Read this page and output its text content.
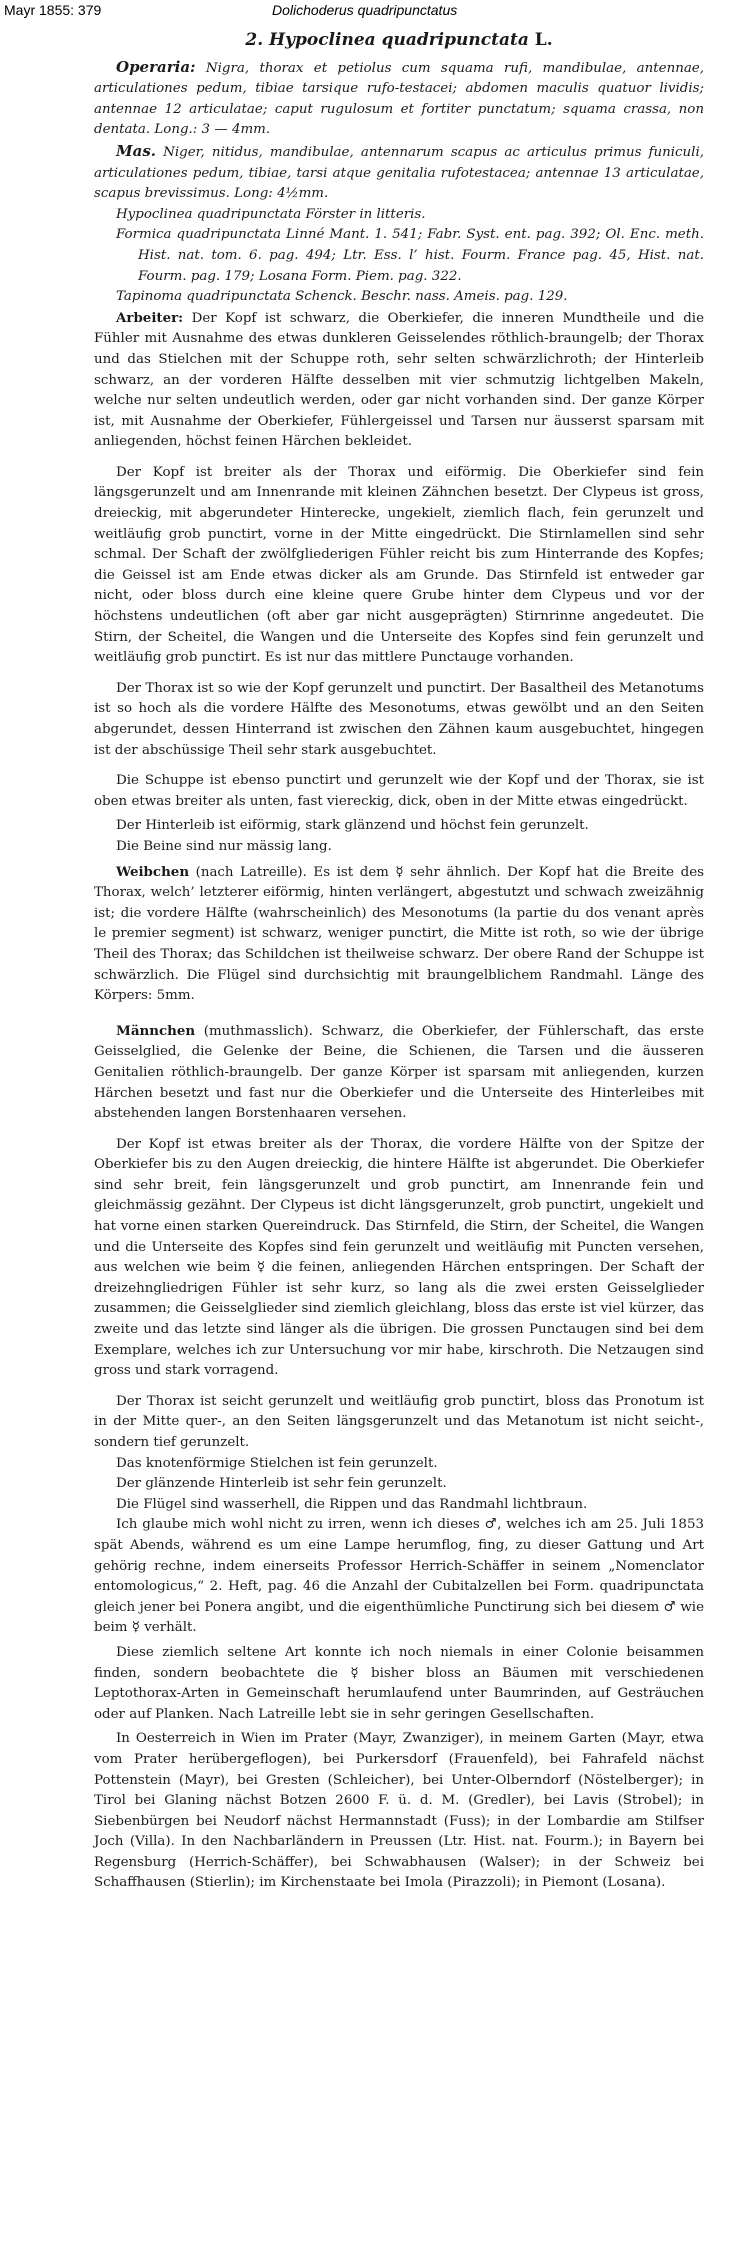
Mayr 1855: 379	Dolichoderus quadripunctatus
2. Hypoclinea quadripunctata L.

Operaria: Nigra, thorax et petiolus cum squama rufi, mandibulae, antennae, articulationes pedum, tibiae tarsique rufo-testacei; abdomen maculis quatuor lividis; antennae 12 articulatae; caput rugulosum et fortiter punctatum; squama crassa, non dentata. Long.: 3 — 4mm.

Mas. Niger, nitidus, mandibulae, antennarum scapus ac articulus primus funiculi, articulationes pedum, tibiae, tarsi atque genitalia rufotestacea; antennae 13 articulatae, scapus brevissimus. Long: 4½mm.

Hypoclinea quadripunctata Förster in litteris.

Formica quadripunctata Linné Mant. 1. 541; Fabr. Syst. ent. pag. 392; Ol. Enc. meth. Hist. nat. tom. 6. pag. 494; Ltr. Ess. l’ hist. Fourm. France pag. 45, Hist. nat. Fourm. pag. 179; Losana Form. Piem. pag. 322.

Tapinoma quadripunctata Schenck. Beschr. nass. Ameis. pag. 129.

Arbeiter: Der Kopf ist schwarz, die Oberkiefer, die inneren Mundtheile und die Fühler mit Ausnahme des etwas dunkleren Geisselendes röthlich-braungelb; der Thorax und das Stielchen mit der Schuppe roth, sehr selten schwärzlichroth; der Hinterleib schwarz, an der vorderen Hälfte desselben mit vier schmutzig lichtgelben Makeln, welche nur selten undeutlich werden, oder gar nicht vorhanden sind. Der ganze Körper ist, mit Ausnahme der Oberkiefer, Fühlergeissel und Tarsen nur äusserst sparsam mit anliegenden, höchst feinen Härchen bekleidet.

Der Kopf ist breiter als der Thorax und eiförmig. Die Oberkiefer sind fein längsgerunzelt und am Innenrande mit kleinen Zähnchen besetzt. Der Clypeus ist gross, dreieckig, mit abgerundeter Hinterecke, ungekielt, ziemlich flach, fein gerunzelt und weitläufig grob punctirt, vorne in der Mitte eingedrückt. Die Stirnlamellen sind sehr schmal. Der Schaft der zwölfgliederigen Fühler reicht bis zum Hinterrande des Kopfes; die Geissel ist am Ende etwas dicker als am Grunde. Das Stirnfeld ist entweder gar nicht, oder bloss durch eine kleine quere Grube hinter dem Clypeus und vor der höchstens undeutlichen (oft aber gar nicht ausgeprägten) Stirnrinne angedeutet. Die Stirn, der Scheitel, die Wangen und die Unterseite des Kopfes sind fein gerunzelt und weitläufig grob punctirt. Es ist nur das mittlere Punctauge vorhanden.

Der Thorax ist so wie der Kopf gerunzelt und punctirt. Der Basaltheil des Metanotums ist so hoch als die vordere Hälfte des Mesonotums, etwas gewölbt und an den Seiten abgerundet, dessen Hinterrand ist zwischen den Zähnen kaum ausgebuchtet, hingegen ist der abschüssige Theil sehr stark ausgebuchtet.

Die Schuppe ist ebenso punctirt und gerunzelt wie der Kopf und der Thorax, sie ist oben etwas breiter als unten, fast viereckig, dick, oben in der Mitte etwas eingedrückt.

Der Hinterleib ist eiförmig, stark glänzend und höchst fein gerunzelt.

Die Beine sind nur mässig lang.

Weibchen (nach Latreille). Es ist dem ☿ sehr ähnlich. Der Kopf hat die Breite des Thorax, welch’ letzterer eiförmig, hinten verlängert, abgestutzt und schwach zweizähnig ist; die vordere Hälfte (wahrscheinlich) des Mesonotums (la partie du dos venant après le premier segment) ist schwarz, weniger punctirt, die Mitte ist roth, so wie der übrige Theil des Thorax; das Schildchen ist theilweise schwarz. Der obere Rand der Schuppe ist schwärzlich. Die Flügel sind durchsichtig mit braungelblichem Randmahl. Länge des Körpers: 5mm.

Männchen (muthmasslich). Schwarz, die Oberkiefer, der Fühlerschaft, das erste Geisselglied, die Gelenke der Beine, die Schienen, die Tarsen und die äusseren Genitalien röthlich-braungelb. Der ganze Körper ist sparsam mit anliegenden, kurzen Härchen besetzt und fast nur die Oberkiefer und die Unterseite des Hinterleibes mit abstehenden langen Borstenhaaren versehen.

Der Kopf ist etwas breiter als der Thorax, die vordere Hälfte von der Spitze der Oberkiefer bis zu den Augen dreieckig, die hintere Hälfte ist abgerundet. Die Oberkiefer sind sehr breit, fein längsgerunzelt und grob punctirt, am Innenrande fein und gleichmässig gezähnt. Der Clypeus ist dicht längsgerunzelt, grob punctirt, ungekielt und hat vorne einen starken Quereindruck. Das Stirnfeld, die Stirn, der Scheitel, die Wangen und die Unterseite des Kopfes sind fein gerunzelt und weitläufig mit Puncten versehen, aus welchen wie beim ☿ die feinen, anliegenden Härchen entspringen. Der Schaft der dreizehngliedrigen Fühler ist sehr kurz, so lang als die zwei ersten Geisselglieder zusammen; die Geisselglieder sind ziemlich gleichlang, bloss das erste ist viel kürzer, das zweite und das letzte sind länger als die übrigen. Die grossen Punctaugen sind bei dem Exemplare, welches ich zur Untersuchung vor mir habe, kirschroth. Die Netzaugen sind gross und stark vorragend.

Der Thorax ist seicht gerunzelt und weitläufig grob punctirt, bloss das Pronotum ist in der Mitte quer-, an den Seiten längsgerunzelt und das Metanotum ist nicht seicht-, sondern tief gerunzelt.

Das knotenförmige Stielchen ist fein gerunzelt.

Der glänzende Hinterleib ist sehr fein gerunzelt.

Die Flügel sind wasserhell, die Rippen und das Randmahl lichtbraun.

Ich glaube mich wohl nicht zu irren, wenn ich dieses ♂, welches ich am 25. Juli 1853 spät Abends, während es um eine Lampe herumflog, fing, zu dieser Gattung und Art gehörig rechne, indem einerseits Professor Herrich-Schäffer in seinem „Nomenclator entomologicus,“ 2. Heft, pag. 46 die Anzahl der Cubitalzellen bei Form. quadripunctata gleich jener bei Ponera angibt, und die eigenthümliche Punctirung sich bei diesem ♂ wie beim ☿ verhält.

Diese ziemlich seltene Art konnte ich noch niemals in einer Colonie beisammen finden, sondern beobachtete die ☿ bisher bloss an Bäumen mit verschiedenen Leptothorax-Arten in Gemeinschaft herumlaufend unter Baumrinden, auf Gesträuchen oder auf Planken. Nach Latreille lebt sie in sehr geringen Gesellschaften.

In Oesterreich in Wien im Prater (Mayr, Zwanziger), in meinem Garten (Mayr, etwa vom Prater herübergeflogen), bei Purkersdorf (Frauenfeld), bei Fahrafeld nächst Pottenstein (Mayr), bei Gresten (Schleicher), bei Unter-Olberndorf (Nöstelberger); in Tirol bei Glaning nächst Botzen 2600 F. ü. d. M. (Gredler), bei Lavis (Strobel); in Siebenbürgen bei Neudorf nächst Hermannstadt (Fuss); in der Lombardie am Stilfser Joch (Villa). In den Nachbarländern in Preussen (Ltr. Hist. nat. Fourm.); in Bayern bei Regensburg (Herrich-Schäffer), bei Schwabhausen (Walser); in der Schweiz bei Schaffhausen (Stierlin); im Kirchenstaate bei Imola (Pirazzoli); in Piemont (Losana).
